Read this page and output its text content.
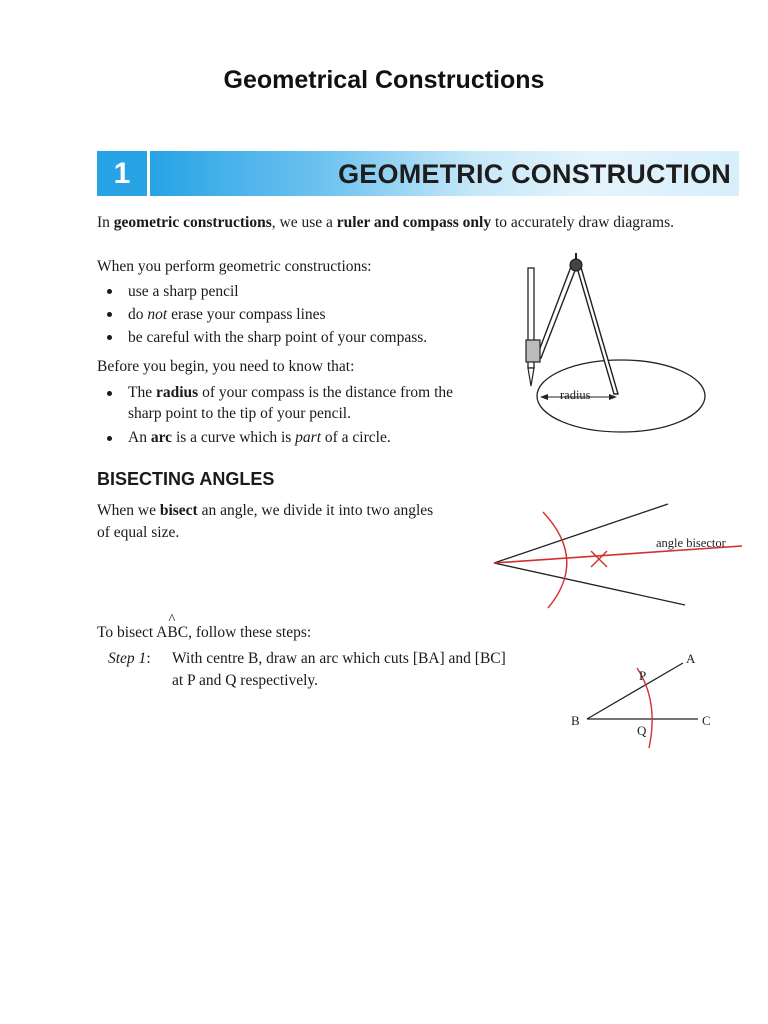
Geometrical Constructions
1	GEOMETRIC CONSTRUCTION
In geometric constructions, we use a ruler and compass only to accurately draw diagrams.
When you perform geometric constructions:
use a sharp pencil
do not erase your compass lines
be careful with the sharp point of your compass.
Before you begin, you need to know that:
The radius of your compass is the distance from the
sharp point to the tip of your pencil.
An arc is a curve which is part of a circle.
radius
BISECTING ANGLES
When we bisect an angle, we divide it into two angles
of equal size.
angle bisector
To bisect A
^
BC, follow these steps:
Step 1: With centre B, draw an arc which cuts [BA] and [BC]
at P and Q respectively.
A
B	C
P
Q
